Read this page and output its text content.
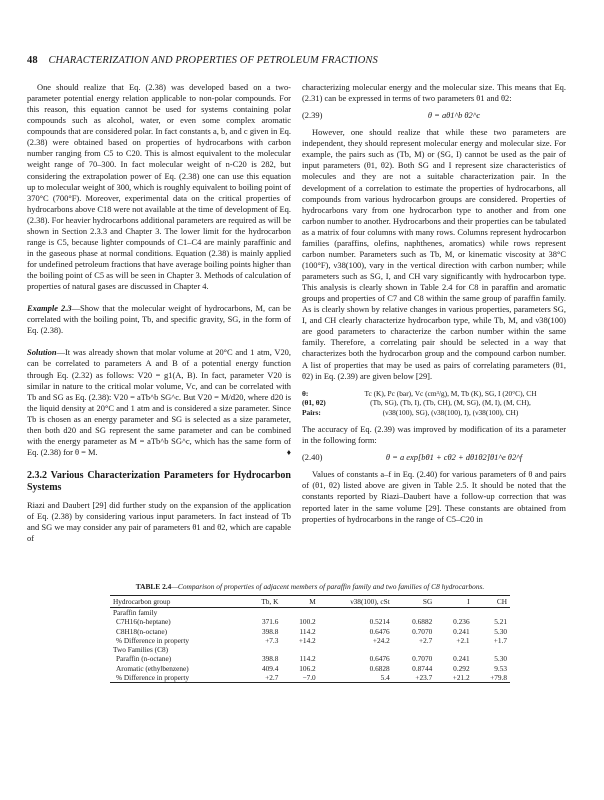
48 CHARACTERIZATION AND PROPERTIES OF PETROLEUM FRACTIONS

One should realize that Eq. (2.38) was developed based on a two-parameter potential energy relation applicable to non-polar compounds. For this reason, this equation cannot be used for systems containing polar compounds such as alcohol, water, or even some complex aromatic compounds that are considered polar. In fact constants a, b, and c given in Eq. (2.38) were obtained based on properties of hydrocarbons with carbon number ranging from C5 to C20. This is almost equivalent to the molecular weight range of 70–300. In fact molecular weight of n-C20 is 282, but considering the extrapolation power of Eq. (2.38) one can use this equation up to molecular weight of 300, which is roughly equivalent to boiling point of 370°C (700°F). Moreover, experimental data on the critical properties of hydrocarbons above C18 were not available at the time of development of Eq. (2.38). For heavier hydrocarbons additional parameters are required as will be shown in Section 2.3.3 and Chapter 3. The lower limit for the hydrocarbon range is C5, because lighter compounds of C1–C4 are mainly paraffinic and in the gaseous phase at normal conditions. Equation (2.38) is mainly applied for undefined petroleum fractions that have average boiling points higher than the boiling point of C5 as will be seen in Chapter 3. Methods of calculation of properties of natural gases are discussed in Chapter 4.

Example 2.3—Show that the molecular weight of hydrocarbons, M, can be correlated with the boiling point, Tb, and specific gravity, SG, in the form of Eq. (2.38).

Solution—It was already shown that molar volume at 20°C and 1 atm, V20, can be correlated to parameters A and B of a potential energy function through Eq. (2.32) as follows: V20 = g1(A, B). In fact, parameter V20 is similar in nature to the critical molar volume, Vc, and can be correlated with Tb and SG as Eq. (2.38): V20 = aTb^b SG^c. But V20 = M/d20, where d20 is the liquid density at 20°C and 1 atm and is considered a size parameter. Since Tb is chosen as an energy parameter and SG is selected as a size parameter, then both d20 and SG represent the same parameter and can be combined with the energy parameter as M = aTb^b SG^c, which has the same form of Eq. (2.38) for θ = M.	♦

2.3.2 Various Characterization Parameters for Hydrocarbon Systems

Riazi and Daubert [29] did further study on the expansion of the application of Eq. (2.38) by considering various input parameters. In fact instead of Tb and SG we may consider any pair of parameters θ1 and θ2, which are capable of

characterizing molecular energy and the molecular size. This means that Eq. (2.31) can be expressed in terms of two parameters θ1 and θ2:

(2.39)	θ = aθ1^b θ2^c

However, one should realize that while these two parameters are independent, they should represent molecular energy and molecular size. For example, the pairs such as (Tb, M) or (SG, I) cannot be used as the pair of input parameters (θ1, θ2). Both SG and I represent size characteristics of molecules and they are not a suitable characterization pair. In the development of a correlation to estimate the properties of hydrocarbons, all compounds from various hydrocarbon groups are considered. Properties of hydrocarbons vary from one hydrocarbon type to another and from one carbon number to another. Hydrocarbons and their properties can be tabulated as a matrix of four columns with many rows. Columns represent hydrocarbon families (paraffins, olefins, naphthenes, aromatics) while rows represent carbon number. Parameters such as Tb, M, or kinematic viscosity at 38°C (100°F), ν38(100), vary in the vertical direction with carbon number; while parameters such as SG, I, and CH vary significantly with hydrocarbon type. This analysis is clearly shown in Table 2.4 for C8 in paraffin and aromatic groups and properties of C7 and C8 within the same group of paraffin family. As is clearly shown by relative changes in various properties, parameters SG, I, and CH clearly characterize hydrocarbon type, while Tb, M, and ν38(100) are good parameters to characterize the carbon number within the same family. Therefore, a correlating pair should be selected in a way that characterizes both the hydrocarbon group and the compound carbon number. A list of properties that may be used as pairs of correlating parameters (θ1, θ2) in Eq. (2.39) are given below [29].

θ:	Tc (K), Pc (bar), Vc (cm³/g), M, Tb (K), SG, I (20°C), CH
(θ1, θ2)	(Tb, SG), (Tb, I), (Tb, CH), (M, SG), (M, I), (M, CH),
Pairs:	(ν38(100), SG), (ν38(100), I), (ν38(100), CH)

The accuracy of Eq. (2.39) was improved by modification of its a parameter in the following form:

(2.40)	θ = a exp[bθ1 + cθ2 + dθ1θ2]θ1^e θ2^f

Values of constants a–f in Eq. (2.40) for various parameters of θ and pairs of (θ1, θ2) listed above are given in Table 2.5. It should be noted that the constants reported by Riazi–Daubert have a follow-up correction that was reported later in the same volume [29]. These constants are obtained from properties of hydrocarbons in the range of C5–C20 in

TABLE 2.4—Comparison of properties of adjacent members of paraffin family and two families of C8 hydrocarbons.
Hydrocarbon group	Tb, K	M	ν38(100), cSt	SG	I	CH
Paraffin family						
C7H16(n-heptane)	371.6	100.2	0.5214	0.6882	0.236	5.21
C8H18(n-octane)	398.8	114.2	0.6476	0.7070	0.241	5.30
% Difference in property	+7.3	+14.2	+24.2	+2.7	+2.1	+1.7
Two Families (C8)						
Paraffin (n-octane)	398.8	114.2	0.6476	0.7070	0.241	5.30
Aromatic (ethylbenzene)	409.4	106.2	0.6828	0.8744	0.292	9.53
% Difference in property	+2.7	−7.0	5.4	+23.7	+21.2	+79.8
